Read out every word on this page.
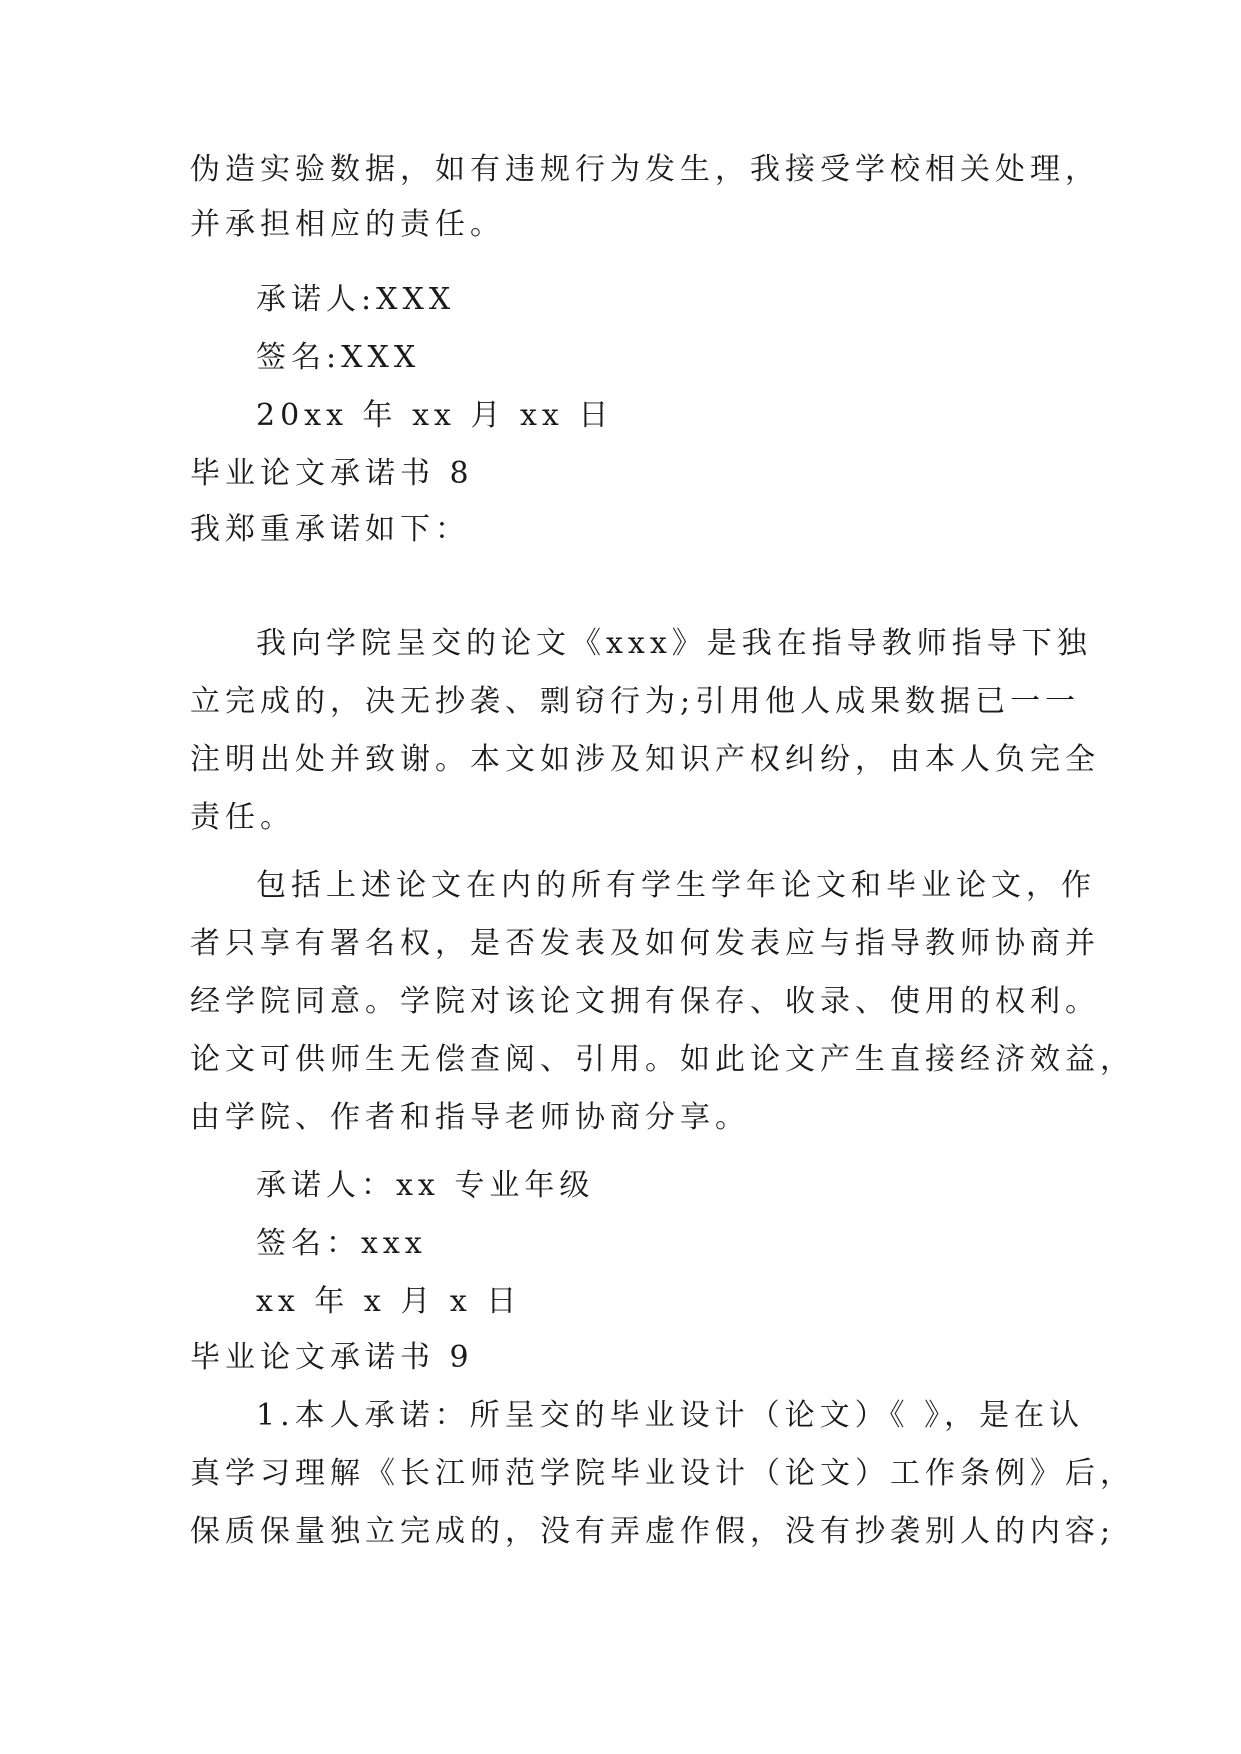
伪造实验数据，如有违规行为发生，我接受学校相关处理，
并承担相应的责任。
承诺人:XXX
签名:XXX
20xx 年 xx 月 xx 日
毕业论文承诺书 8
我郑重承诺如下：
我向学院呈交的论文《xxx》是我在指导教师指导下独
立完成的，决无抄袭、剽窃行为;引用他人成果数据已一一
注明出处并致谢。本文如涉及知识产权纠纷，由本人负完全
责任。
包括上述论文在内的所有学生学年论文和毕业论文，作
者只享有署名权，是否发表及如何发表应与指导教师协商并
经学院同意。学院对该论文拥有保存、收录、使用的权利。
论文可供师生无偿查阅、引用。如此论文产生直接经济效益，
由学院、作者和指导老师协商分享。
承诺人：xx 专业年级
签名：xxx
xx 年 x 月 x 日
毕业论文承诺书 9
1.本人承诺：所呈交的毕业设计（论文）《 》，是在认
真学习理解《长江师范学院毕业设计（论文）工作条例》后，
保质保量独立完成的，没有弄虚作假，没有抄袭别人的内容;
